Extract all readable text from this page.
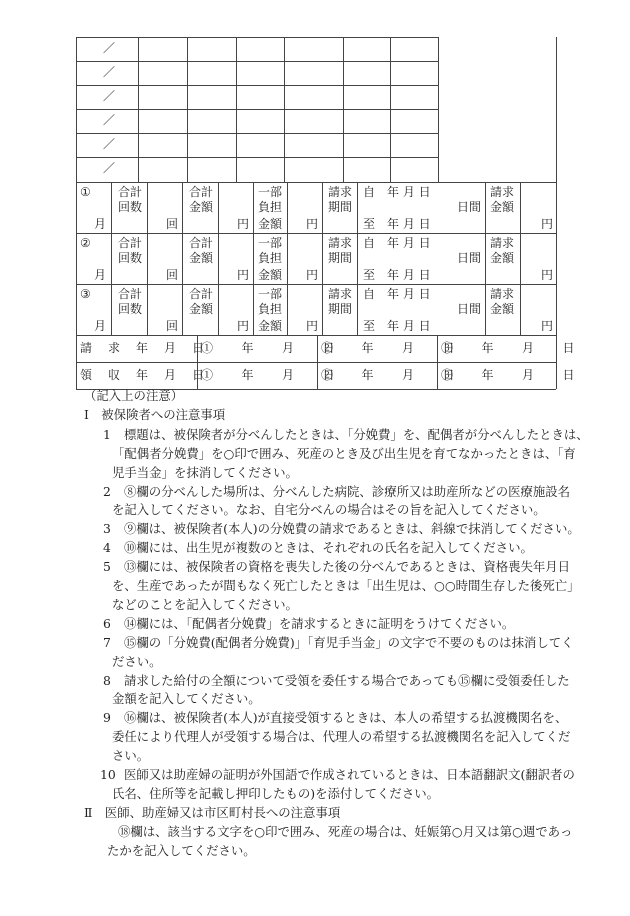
／
／
／
／
／
／
①
月
合計
回数
回
合計
金額
円
一部
負担
金額 円
請求
期間
自　年 月 日
至　年 月 日
日間
請求
金額
円
②
月
合計
回数
回
合計
金額
円
一部
負担
金額 円
請求
期間
自　年 月 日
至　年 月 日
日間
請求
金額
円
③
月
合計
回数
回
合計
金額
円
一部
負担
金額 円
請求
期間
自　年 月 日
至　年 月 日
日間
請求
金額
円
請　求　年　月　日
①　　年　　月　　日
②　　年　　月　　日
③　　年　　月　　日
領　収　年　月　日
①　　年　　月　　日
②　　年　　月　　日
③　　年　　月　　日
（記入上の注意）
Ⅰ　被保険者への注意事項
1 標題は、被保険者が分べんしたときは、「分娩費」を、配偶者が分べんしたときは、
「配偶者分娩費」を○印で囲み、死産のとき及び出生児を育てなかったときは、「育
児手当金」を抹消してください。
2 ⑧欄の分べんした場所は、分べんした病院、診療所又は助産所などの医療施設名
を記入してください。なお、自宅分べんの場合はその旨を記入してください。
3 ⑨欄は、被保険者(本人)の分娩費の請求であるときは、斜線で抹消してください。
4 ⑩欄には、出生児が複数のときは、それぞれの氏名を記入してください。
5 ⑬欄には、被保険者の資格を喪失した後の分べんであるときは、資格喪失年月日
を、生産であったが間もなく死亡したときは「出生児は、○○時間生存した後死亡」
などのことを記入してください。
6 ⑭欄には、「配偶者分娩費」を請求するときに証明をうけてください。
7 ⑮欄の「分娩費(配偶者分娩費)」「育児手当金」の文字で不要のものは抹消してく
ださい。
8 請求した給付の全額について受領を委任する場合であっても⑮欄に受領委任した
金額を記入してください。
9 ⑯欄は、被保険者(本人)が直接受領するときは、本人の希望する払渡機関名を、
委任により代理人が受領する場合は、代理人の希望する払渡機関名を記入してくだ
さい。
10 医師又は助産婦の証明が外国語で作成されているときは、日本語翻訳文(翻訳者の
氏名、住所等を記載し押印したもの)を添付してください。
Ⅱ　医師、助産婦又は市区町村長への注意事項
⑱欄は、該当する文字を○印で囲み、死産の場合は、妊娠第○月又は第○週であっ
たかを記入してください。
